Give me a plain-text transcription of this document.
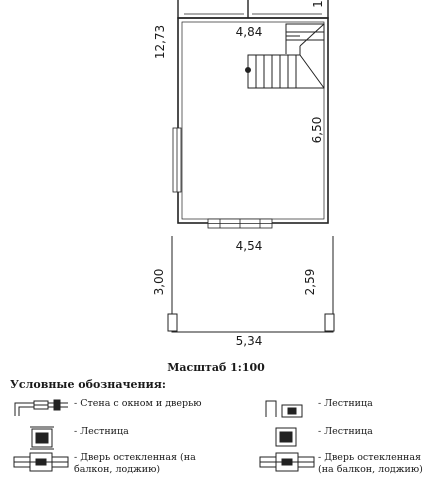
12,73	4,84
6,50
4,54
3,00	2,59
5,34
1
Масштаб 1:100
Условные обозначения:
- Стена с окном и дверью
- Лестница
- Дверь остекленная (на балкон, лоджию)
- Лестница
- Лестница
- Дверь остекленная (на балкон, лоджию)
